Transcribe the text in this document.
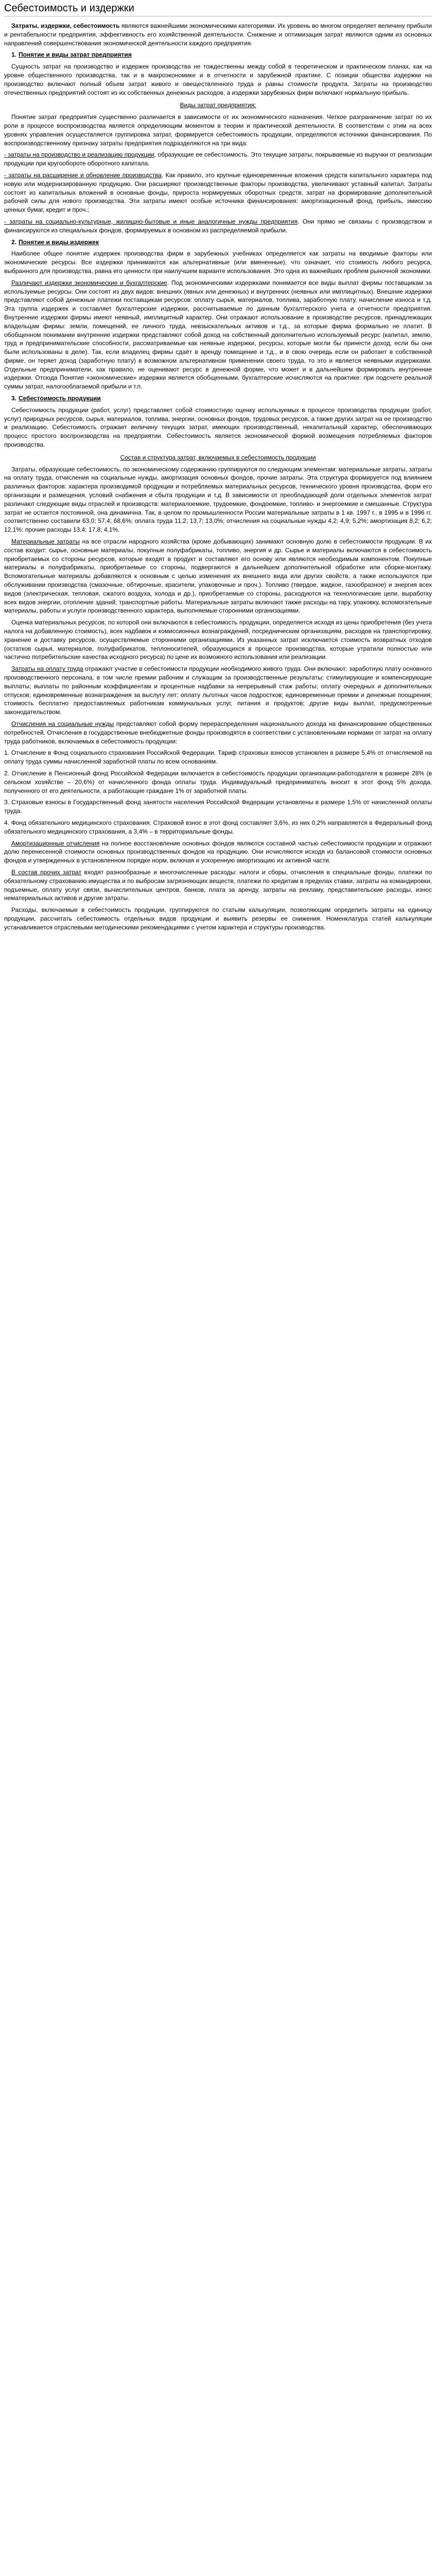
Себестоимость и издержки

Затраты, издержки, себестоимость являются важнейшими экономическими категориями. Их уровень во многом определяет величину прибыли и рентабельности предприятия, эффективность его хозяйственной деятельности. Снижение и оптимизация затрат являются одним из основных направлений совершенствования экономической деятельности каждого предприятия.

1. Понятие и виды затрат предприятия

Сущность затрат на производство и издержек производства не тождественны между собой в теоретическом и практическом планах, как на уровне общественного производства, так и в макроэкономике и в отчетности и зарубежной практике. С позиции общества издержки на производство включают полный объем затрат живого и овеществленного труда и равны стоимости продукта. Затраты на производство отечественных предприятий состоят из их собственных денежных расходов, а издержки зарубежных фирм включают нормальную прибыль.

Виды затрат предприятия:

Понятие затрат предприятия существенно различается в зависимости от их экономического назначения. Четкое разграничение затрат по их роли в процессе воспроизводства является определяющим моментом в теории и практической деятельности. В соответствии с этим на всех уровнях управления осуществляется группировка затрат, формируется себестоимость продукции, определяются источники финансирования. По воспроизводственному признаку затраты предприятия подразделяются на три вида:

- затраты на производство и реализацию продукции, образующие ее себестоимость. Это текущие затраты, покрываемые из выручки от реализации продукции при кругообороте оборотного капитала.

- затраты на расширение и обновление производства. Как правило, это крупные единовременные вложения средств капитального характера под новую или модернизированную продукцию. Они расширяют производственные факторы производства, увеличивают уставный капитал. Затраты состоят из капитальных вложений в основные фонды, прироста нормируемых оборотных средств, затрат на формирование дополнительной рабочей силы для нового производства. Эти затраты имеют особые источники финансирования: амортизационный фонд, прибыль, эмиссию ценных бумаг, кредит и проч.;

- затраты на социально-культурные, жилищно-бытовые и иные аналогичные нужды предприятия. Они прямо не связаны с производством и финансируются из специальных фондов, формируемых в основном из распределяемой прибыли.

2. Понятие и виды издержек

Наиболее общее понятие издержек производства фирм в зарубежных учебниках определяется как затраты на вводимые факторы или экономические ресурсы. Все издержки принимаются как альтернативные (или вмененные), что означает, что стоимость любого ресурса, выбранного для производства, равна его ценности при наилучшем варианте использования. Это одна из важнейших проблем рыночной экономики.

Различают издержки экономические и бухгалтерские. Под экономическими издержками понимается все виды выплат фирмы поставщикам за используемые ресурсы. Они состоят из двух видов: внешних (явных или денежных) и внутренних (неявных или имплицитных). Внешние издержки представляют собой денежные платежи поставщикам ресурсов: оплату сырья, материалов, топлива, заработную плату, начисление износа и т.д. Эта группа издержек и составляет бухгалтерские издержки, рассчитываемые по данным бухгалтерского учета и отчетности предприятия. Внутренние издержки фирмы имеют неявный, имплицитный характер. Они отражают использование в производстве ресурсов, принадлежащих владельцам фирмы: земли, помещений, ее личного труда, невзыскательных активов и т.д., за которые фирма формально не платит. В обобщенном понимании внутренние издержки представляют собой доход на собственный дополнительно используемый ресурс (капитал, землю, труд и предпринимательские способности, рассматриваемые как неявные издержки, ресурсы, которые могли бы принести доход, если бы они были использованы в деле). Так, если владелец фирмы сдаёт в аренду помещение и т.д., и в свою очередь если он работает в собственной фирме, он теряет доход (заработную плату) в возможном альтернативном применении своего труда, то это и является неявными издержками. Отдельные предприниматели, как правило, не оценивают ресурс в денежной форме, что может и в дальнейшем формировать внутренние издержки. Отсюда Понятие «экономические» издержки является обобщенными, бухгалтерские исчисляются на практике: при подсчете реальной суммы затрат, налогооблагаемой прибыли и т.п.

3. Себестоимость продукции

Себестоимость продукции (работ, услуг) представляет собой стоимостную оценку используемых в процессе производства продукции (работ, услуг) природных ресурсов, сырья, материалов, топлива, энергии, основных фондов, трудовых ресурсов, а также других затрат на ее производство и реализацию. Себестоимость отражает величину текущих затрат, имеющих производственный, некапитальный характер, обеспечивающих процесс простого воспроизводства на предприятии. Себестоимость является экономической формой возмещения потребляемых факторов производства.

Состав и структура затрат, включаемых в себестоимость продукции

Затраты, образующие себестоимость, по экономическому содержанию группируются по следующим элементам: материальные затраты, затраты на оплату труда, отчисления на социальные нужды, амортизация основных фондов, прочие затраты. Эта структура формируется под влиянием различных факторов: характера производимой продукции и потребляемых материальных ресурсов, технического уровня производства, форм его организации и размещения, условий снабжения и сбыта продукции и т.д. В зависимости от преобладающей доли отдельных элементов затрат различают следующие виды отраслей и производств: материалоемкие, трудоемкие, фондоемкие, топливо- и энергоемкие и смешанные. Структура затрат не остается постоянной, она динамична. Так, в целом по промышленности России материальные затраты в 1 кв. 1997 г., в 1995 и в 1996 гг. соответственно составили 63,0; 57,4; 68,6%; оплата труда 11,2; 13,7; 13,0%; отчисления на социальные нужды 4,2; 4,9; 5,2%; амортизация 8,2; 6,2; 12,1%; прочие расходы 13,4; 17,8; 4,1%.

Материальные затраты на все отрасли народного хозяйства (кроме добывающих) занимают основную долю в себестоимости продукции. В их состав входит: сырье, основные материалы, покупные полуфабрикаты, топливо, энергия и др. Сырье и материалы включаются в себестоимость приобретаемых со стороны ресурсов, которые входят в продукт и составляют его основу или являются необходимым компонентом. Покупные материалы и полуфабрикаты, приобретаемые со стороны, подвергаются в дальнейшем дополнительной обработке или сборке-монтажу. Вспомогательные материалы добавляются к основным с целью изменения их внешнего вида или других свойств, а также используются при обслуживании производства (смазочные, обтирочные, красители, упаковочные и проч.). Топливо (твердое, жидкое, газообразное) и энергия всех видов (электрическая, тепловая, сжатого воздуха, холода и др.), приобретаемые со стороны, расходуются на технологические цели, выработку всех видов энергии, отопление зданий, транспортные работы. Материальные затраты включают также расходы на тару, упаковку, вспомогательные материалы, работы и услуги производственного характера, выполняемые сторонними организациями.

Оценка материальных ресурсов, по которой они включаются в себестоимость продукции, определяется исходя из цены приобретения (без учета налога на добавленную стоимость), всех надбавок и комиссионных вознаграждений, посредническим организациям, расходов на транспортировку, хранение и доставку ресурсов, осуществляемые сторонними организациями. Из указанных затрат исключается стоимость возвратных отходов (остатков сырья, материалов, полуфабрикатов, теплоносителей, образующихся в процессе производства, которые утратили полностью или частично потребительские качества исходного ресурса) по цене их возможного использования или реализации.

Затраты на оплату труда отражают участие в себестоимости продукции необходимого живого труда. Они включают: заработную плату основного производственного персонала, в том числе премии рабочим и служащим за производственные результаты; стимулирующие и компенсирующие выплаты; выплаты по районным коэффициентам и процентные надбавки за непрерывный стаж работы; оплату очередных и дополнительных отпусков; единовременные вознаграждения за выслугу лет; оплату льготных часов подростков; единовременные премии и денежные поощрения; стоимость бесплатно предоставляемых работникам коммунальных услуг, питания и продуктов; другие виды выплат, предусмотренные законодательством.

Отчисления на социальные нужды представляют собой форму перераспределения национального дохода на финансирование общественных потребностей. Отчисления в государственные внебюджетные фонды производятся в соответствии с установленными нормами от затрат на оплату труда работников, включаемых в себестоимость продукции:

1. Отчисление в Фонд социального страхования Российской Федерации. Тариф страховых взносов установлен в размере 5,4% от отчисляемой на оплату труда суммы начисленной заработной платы по всем основаниям.

2. Отчисление в Пенсионный фонд Российской Федерации включается в себестоимость продукции организации-работодателя в размере 28% (в сельском хозяйстве – 20,6%) от начисленного фонда оплаты труда. Индивидуальный предприниматель вносит в этот фонд 5% дохода, полученного от его деятельности, а работающие граждане 1% от заработной платы.

3. Страховые взносы в Государственный фонд занятости населения Российской Федерации установлены в размере 1,5% от начисленной оплаты труда.

4. Фонд обязательного медицинского страхования. Страховой взнос в этот фонд составляет 3,6%, из них 0,2% направляется в Федеральный фонд обязательного медицинского страхования, а 3,4% – в территориальные фонды.

Амортизационные отчисления на полное восстановление основных фондов являются составной частью себестоимости продукции и отражают долю перенесенной стоимости основных производственных фондов на продукцию. Они исчисляются исходя из балансовой стоимости основных фондов и утвержденных в установленном порядке норм, включая и ускоренную амортизацию их активной части.

В состав прочих затрат входят разнообразные и многочисленные расходы: налоги и сборы, отчисления в специальные фонды, платежи по обязательному страхованию имущества и по выбросам загрязняющих веществ, платежи по кредитам в пределах ставки, затраты на командировки, подъемные, оплату услуг связи, вычислительных центров, банков, плата за аренду, затраты на рекламу, представительские расходы, износ нематериальных активов и другие затраты.

Расходы, включаемые в себестоимость продукции, группируются по статьям калькуляции, позволяющим определить затраты на единицу продукции, рассчитать себестоимость отдельных видов продукции и выявить резервы ее снижения. Номенклатура статей калькуляции устанавливается отраслевыми методическими рекомендациями с учетом характера и структуры производства.
